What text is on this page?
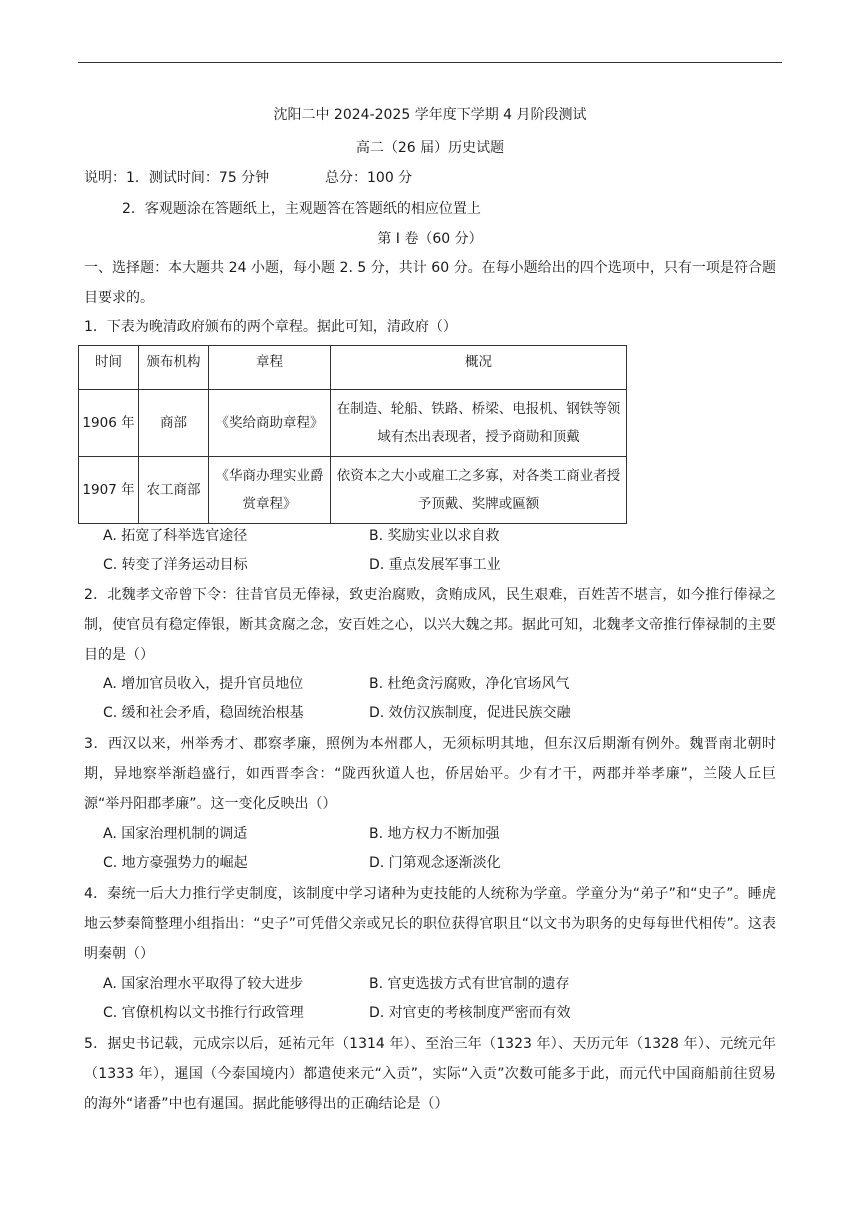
沈阳二中 2024-2025 学年度下学期 4 月阶段测试
高二（26 届）历史试题
说明：1．测试时间：75 分钟	总分：100 分
2．客观题涂在答题纸上，主观题答在答题纸的相应位置上
第 I 卷（60 分）
一、选择题：本大题共 24 小题，每小题 2. 5 分，共计 60 分。在每小题给出的四个选项中，只有一项是符合题目要求的。
1．下表为晚清政府颁布的两个章程。据此可知，清政府（）
时间	颁布机构	章程	概况
1906 年	商部	《奖给商助章程》	在制造、轮船、铁路、桥梁、电报机、钢铁等领域有杰出表现者，授予商勋和顶戴
1907 年	农工商部	《华商办理实业爵赏章程》	依资本之大小或雇工之多寡，对各类工商业者授予顶戴、奖牌或匾额
A. 拓宽了科举选官途径	B. 奖励实业以求自救
C. 转变了洋务运动目标	D. 重点发展军事工业
2．北魏孝文帝曾下令：往昔官员无俸禄，致吏治腐败，贪贿成风，民生艰难，百姓苦不堪言，如今推行俸禄之制，使官员有稳定俸银，断其贪腐之念，安百姓之心，以兴大魏之邦。据此可知，北魏孝文帝推行俸禄制的主要目的是（）
A. 增加官员收入，提升官员地位	B. 杜绝贪污腐败，净化官场风气
C. 缓和社会矛盾，稳固统治根基	D. 效仿汉族制度，促进民族交融
3．西汉以来，州举秀才、郡察孝廉，照例为本州郡人，无须标明其地，但东汉后期渐有例外。魏晋南北朝时期，异地察举渐趋盛行，如西晋李含：“陇西狄道人也，侨居始平。少有才干，两郡并举孝廉”，兰陵人丘巨源“举丹阳郡孝廉”。这一变化反映出（）
A. 国家治理机制的调适	B. 地方权力不断加强
C. 地方豪强势力的崛起	D. 门第观念逐渐淡化
4．秦统一后大力推行学吏制度，该制度中学习诸种为吏技能的人统称为学童。学童分为“弟子”和“史子”。睡虎地云梦秦简整理小组指出：“史子”可凭借父亲或兄长的职位获得官职且“以文书为职务的史每每世代相传”。这表明秦朝（）
A. 国家治理水平取得了较大进步	B. 官吏选拔方式有世官制的遗存
C. 官僚机构以文书推行行政管理	D. 对官吏的考核制度严密而有效
5．据史书记载，元成宗以后，延祐元年（1314 年）、至治三年（1323 年）、天历元年（1328 年）、元统元年（1333 年），暹国（今泰国境内）都遣使来元“入贡”，实际“入贡”次数可能多于此，而元代中国商船前往贸易的海外“诸番”中也有暹国。据此能够得出的正确结论是（）
